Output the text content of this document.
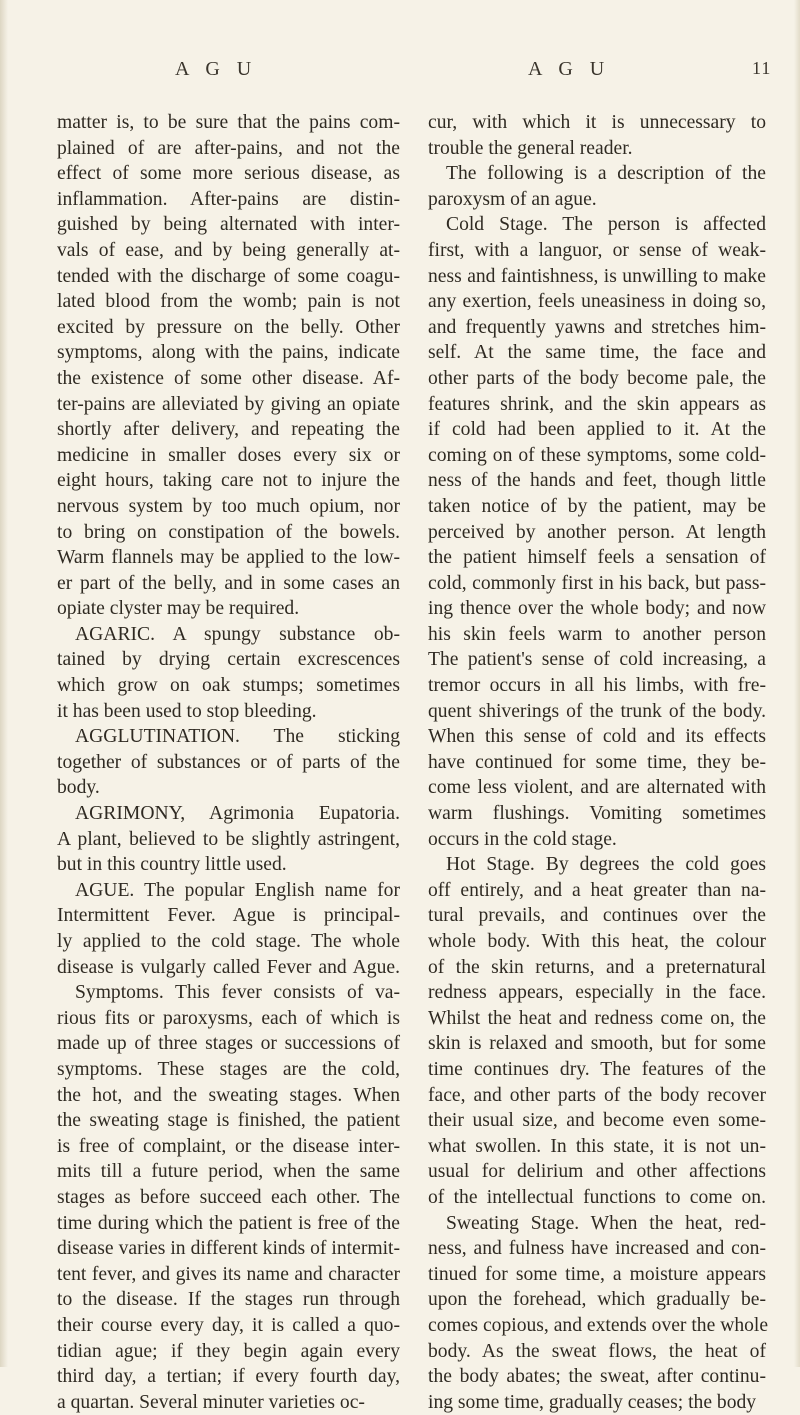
A G U	A G U	11
matter is, to be sure that the pains com-
plained of are after-pains, and not the
effect of some more serious disease, as
inflammation. After-pains are distin-
guished by being alternated with inter-
vals of ease, and by being generally at-
tended with the discharge of some coagu-
lated blood from the womb; pain is not
excited by pressure on the belly. Other
symptoms, along with the pains, indicate
the existence of some other disease. Af-
ter-pains are alleviated by giving an opiate
shortly after delivery, and repeating the
medicine in smaller doses every six or
eight hours, taking care not to injure the
nervous system by too much opium, nor
to bring on constipation of the bowels.
Warm flannels may be applied to the low-
er part of the belly, and in some cases an
opiate clyster may be required.
AGARIC. A spungy substance ob-
tained by drying certain excrescences
which grow on oak stumps; sometimes
it has been used to stop bleeding.
AGGLUTINATION. The sticking
together of substances or of parts of the
body.
AGRIMONY, Agrimonia Eupatoria.
A plant, believed to be slightly astringent,
but in this country little used.
AGUE. The popular English name for
Intermittent Fever. Ague is principal-
ly applied to the cold stage. The whole
disease is vulgarly called Fever and Ague.
Symptoms. This fever consists of va-
rious fits or paroxysms, each of which is
made up of three stages or successions of
symptoms. These stages are the cold,
the hot, and the sweating stages. When
the sweating stage is finished, the patient
is free of complaint, or the disease inter-
mits till a future period, when the same
stages as before succeed each other. The
time during which the patient is free of the
disease varies in different kinds of intermit-
tent fever, and gives its name and character
to the disease. If the stages run through
their course every day, it is called a quo-
tidian ague; if they begin again every
third day, a tertian; if every fourth day,
a quartan. Several minuter varieties oc-
cur, with which it is unnecessary to
trouble the general reader.
The following is a description of the
paroxysm of an ague.
Cold Stage. The person is affected
first, with a languor, or sense of weak-
ness and faintishness, is unwilling to make
any exertion, feels uneasiness in doing so,
and frequently yawns and stretches him-
self. At the same time, the face and
other parts of the body become pale, the
features shrink, and the skin appears as
if cold had been applied to it. At the
coming on of these symptoms, some cold-
ness of the hands and feet, though little
taken notice of by the patient, may be
perceived by another person. At length
the patient himself feels a sensation of
cold, commonly first in his back, but pass-
ing thence over the whole body; and now
his skin feels warm to another person
The patient's sense of cold increasing, a
tremor occurs in all his limbs, with fre-
quent shiverings of the trunk of the body.
When this sense of cold and its effects
have continued for some time, they be-
come less violent, and are alternated with
warm flushings. Vomiting sometimes
occurs in the cold stage.
Hot Stage. By degrees the cold goes
off entirely, and a heat greater than na-
tural prevails, and continues over the
whole body. With this heat, the colour
of the skin returns, and a preternatural
redness appears, especially in the face.
Whilst the heat and redness come on, the
skin is relaxed and smooth, but for some
time continues dry. The features of the
face, and other parts of the body recover
their usual size, and become even some-
what swollen. In this state, it is not un-
usual for delirium and other affections
of the intellectual functions to come on.
Sweating Stage. When the heat, red-
ness, and fulness have increased and con-
tinued for some time, a moisture appears
upon the forehead, which gradually be-
comes copious, and extends over the whole
body. As the sweat flows, the heat of
the body abates; the sweat, after continu-
ing some time, gradually ceases; the body
